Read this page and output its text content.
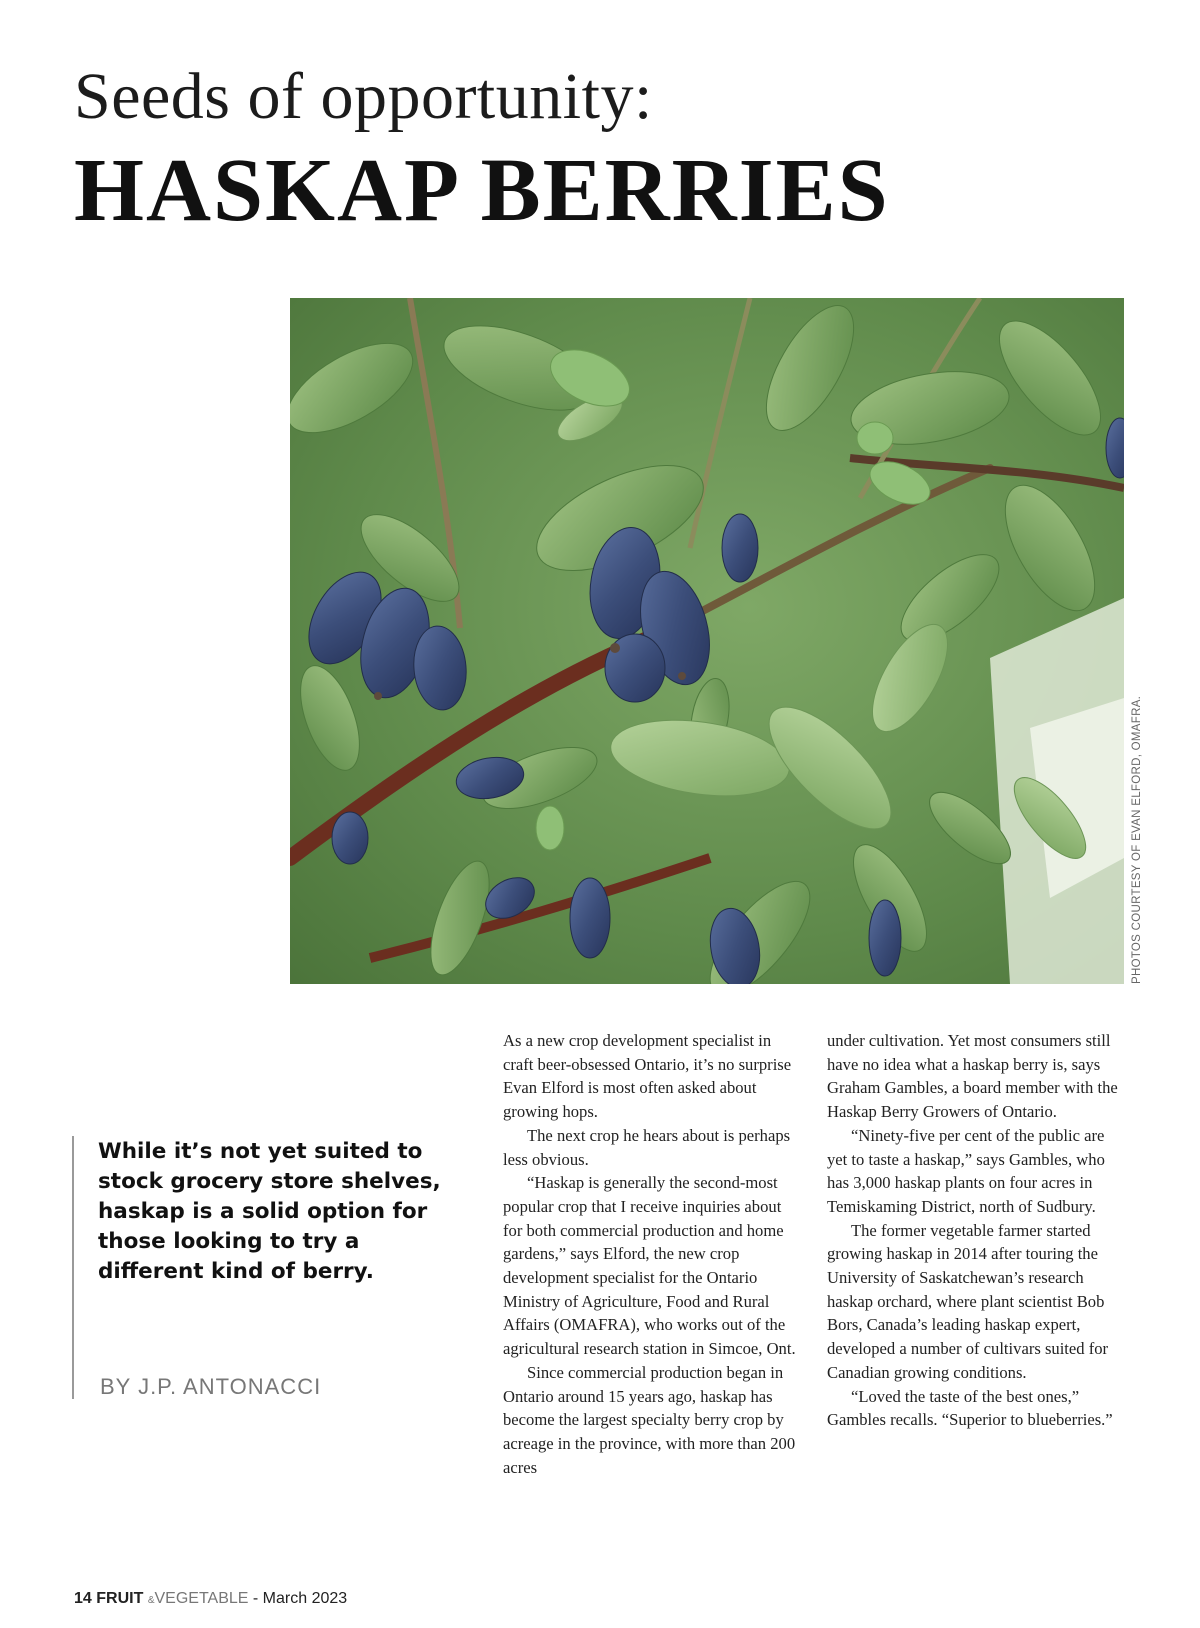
Seeds of opportunity:
HASKAP BERRIES
PHOTOS COURTESY OF EVAN ELFORD, OMAFRA.

While it’s not yet suited to stock grocery store shelves, haskap is a solid option for those looking to try a different kind of berry.

BY J.P. ANTONACCI

As a new crop development specialist in craft beer-obsessed Ontario, it’s no surprise Evan Elford is most often asked about growing hops.

The next crop he hears about is perhaps less obvious.

“Haskap is generally the second-most popular crop that I receive inquiries about for both commercial production and home gardens,” says Elford, the new crop development specialist for the Ontario Ministry of Agriculture, Food and Rural Affairs (OMAFRA), who works out of the agricultural research station in Simcoe, Ont.

Since commercial production began in Ontario around 15 years ago, haskap has become the largest specialty berry crop by acreage in the province, with more than 200 acres

under cultivation. Yet most consumers still have no idea what a haskap berry is, says Graham Gambles, a board member with the Haskap Berry Growers of Ontario.

“Ninety-five per cent of the public are yet to taste a haskap,” says Gambles, who has 3,000 haskap plants on four acres in Temiskaming District, north of Sudbury.

The former vegetable farmer started growing haskap in 2014 after touring the University of Saskatchewan’s research haskap orchard, where plant scientist Bob Bors, Canada’s leading haskap expert, developed a number of cultivars suited for Canadian growing conditions.

“Loved the taste of the best ones,” Gambles recalls. “Superior to blueberries.”

14 FRUIT &VEGETABLE - March 2023
